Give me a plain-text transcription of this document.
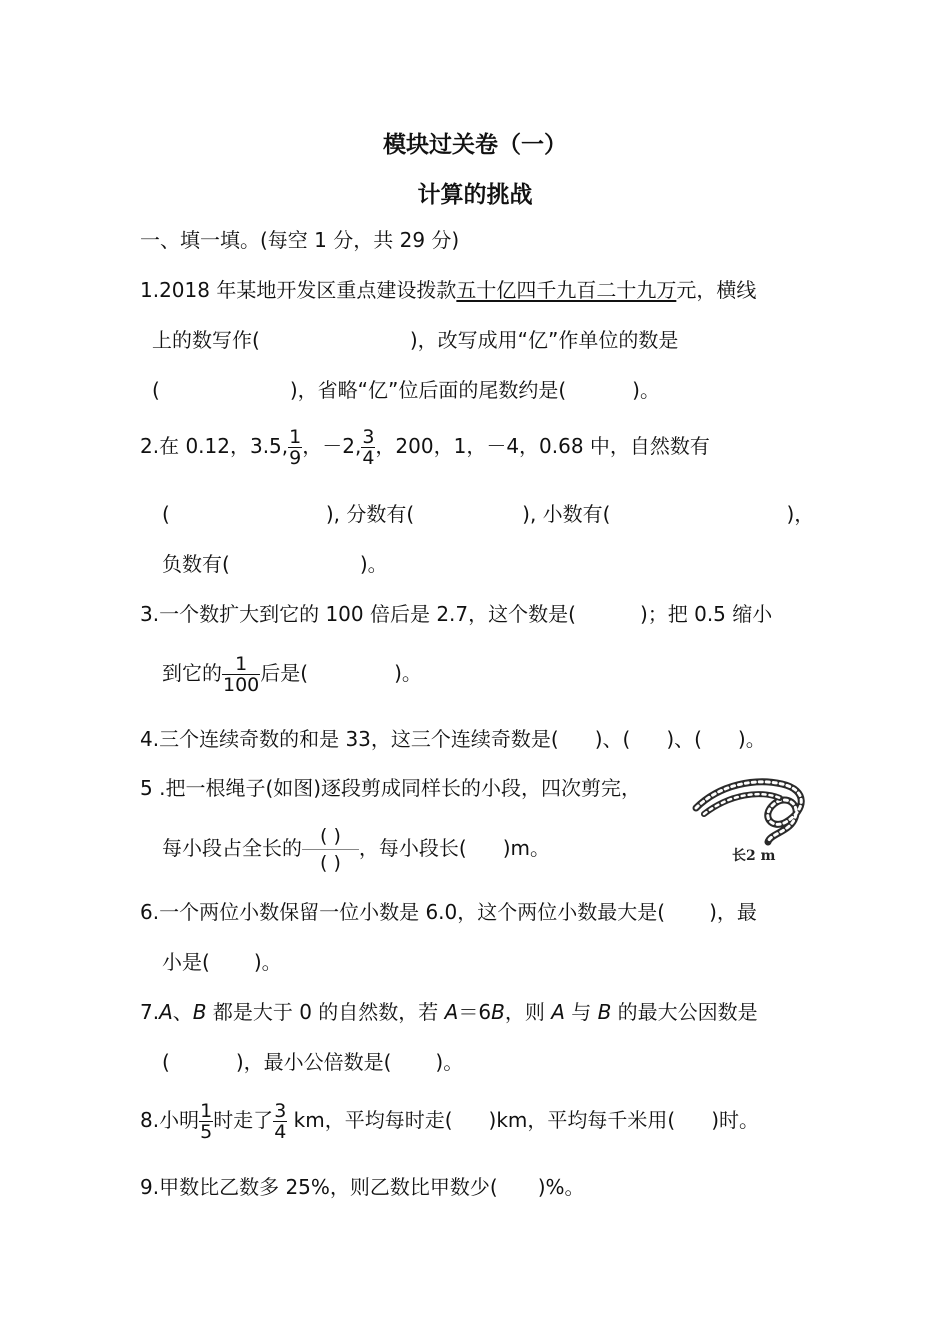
模块过关卷（一）
计算的挑战
一、填一填。(每空 1 分，共 29 分)
1.2018 年某地开发区重点建设拨款五十亿四千九百二十九万元，横线
上的数写作(	)，改写成用“亿”作单位的数是
(	)，省略“亿”位后面的尾数约是(	)。
2.在 0.12，3.5, $\frac{1}{9}$ ，－2, $\frac{3}{4}$ ，200，1，－4，0.68 中，自然数有
(	), 分数有(	), 小数有(	)，
负数有(	)。
3.一个数扩大到它的 100 倍后是 2.7，这个数是(	)；把 0.5 缩小
到它的 $\frac{1}{100}$ 后是(	)。
4.三个连续奇数的和是 33，这三个连续奇数是( )、( )、( )。
5 .把一根绳子(如图)逐段剪成同样长的小段，四次剪完，
每小段占全长的 $\frac{( )}{( )}$ ，每小段长( )m。	长2 m
6.一个两位小数保留一位小数是 6.0，这个两位小数最大是( )，最
小是( )。
7.A、B 都是大于 0 的自然数，若 A＝6B，则 A 与 B 的最大公因数是
(	)，最小公倍数是( )。
8.小明 $\frac{1}{5}$ 时走了 $\frac{3}{4}$ km，平均每时走( )km，平均每千米用( )时。
9.甲数比乙数多 25%，则乙数比甲数少( )%。
